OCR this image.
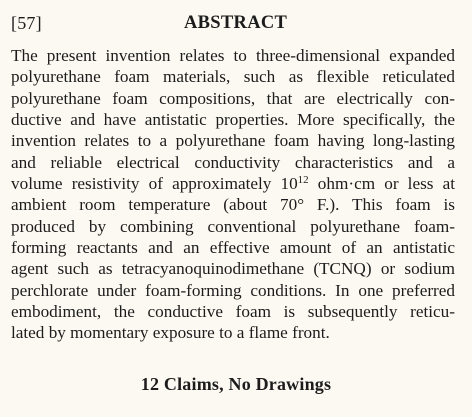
[57]	ABSTRACT
The present invention relates to three-dimensional expanded
polyurethane foam materials, such as flexible reticulated
polyurethane foam compositions, that are electrically con-
ductive and have antistatic properties. More specifically, the
invention relates to a polyurethane foam having long-lasting
and reliable electrical conductivity characteristics and a
volume resistivity of approximately $10^{12}$ ohm·cm or less at
ambient room temperature (about 70° F.). This foam is
produced by combining conventional polyurethane foam-
forming reactants and an effective amount of an antistatic
agent such as tetracyanoquinodimethane (TCNQ) or sodium
perchlorate under foam-forming conditions. In one preferred
embodiment, the conductive foam is subsequently reticu-
lated by momentary exposure to a flame front.
12 Claims, No Drawings
